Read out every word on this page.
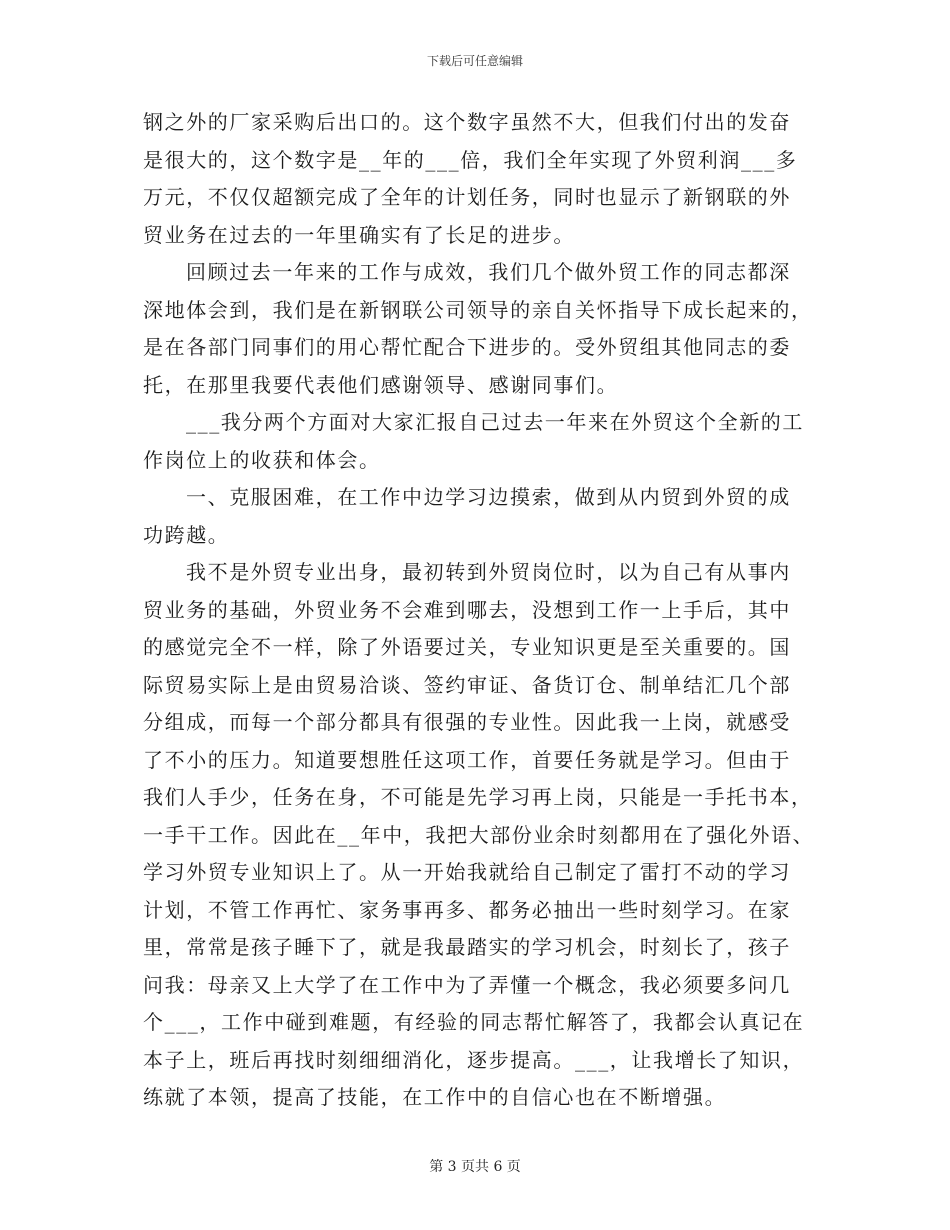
下载后可任意编辑

钢之外的厂家采购后出口的。这个数字虽然不大，但我们付出的发奋
是很大的，这个数字是__年的___倍，我们全年实现了外贸利润___多
万元，不仅仅超额完成了全年的计划任务，同时也显示了新钢联的外
贸业务在过去的一年里确实有了长足的进步。

回顾过去一年来的工作与成效，我们几个做外贸工作的同志都深
深地体会到，我们是在新钢联公司领导的亲自关怀指导下成长起来的，
是在各部门同事们的用心帮忙配合下进步的。受外贸组其他同志的委
托，在那里我要代表他们感谢领导、感谢同事们。

___我分两个方面对大家汇报自己过去一年来在外贸这个全新的工
作岗位上的收获和体会。

一、克服困难，在工作中边学习边摸索，做到从内贸到外贸的成
功跨越。

我不是外贸专业出身，最初转到外贸岗位时，以为自己有从事内
贸业务的基础，外贸业务不会难到哪去，没想到工作一上手后，其中
的感觉完全不一样，除了外语要过关，专业知识更是至关重要的。国
际贸易实际上是由贸易洽谈、签约审证、备货订仓、制单结汇几个部
分组成，而每一个部分都具有很强的专业性。因此我一上岗，就感受
了不小的压力。知道要想胜任这项工作，首要任务就是学习。但由于
我们人手少，任务在身，不可能是先学习再上岗，只能是一手托书本，
一手干工作。因此在__年中，我把大部份业余时刻都用在了强化外语、
学习外贸专业知识上了。从一开始我就给自己制定了雷打不动的学习
计划，不管工作再忙、家务事再多、都务必抽出一些时刻学习。在家
里，常常是孩子睡下了，就是我最踏实的学习机会，时刻长了，孩子
问我：母亲又上大学了在工作中为了弄懂一个概念，我必须要多问几
个___，工作中碰到难题，有经验的同志帮忙解答了，我都会认真记在
本子上，班后再找时刻细细消化，逐步提高。___，让我增长了知识，
练就了本领，提高了技能，在工作中的自信心也在不断增强。

第 3 页共 6 页
